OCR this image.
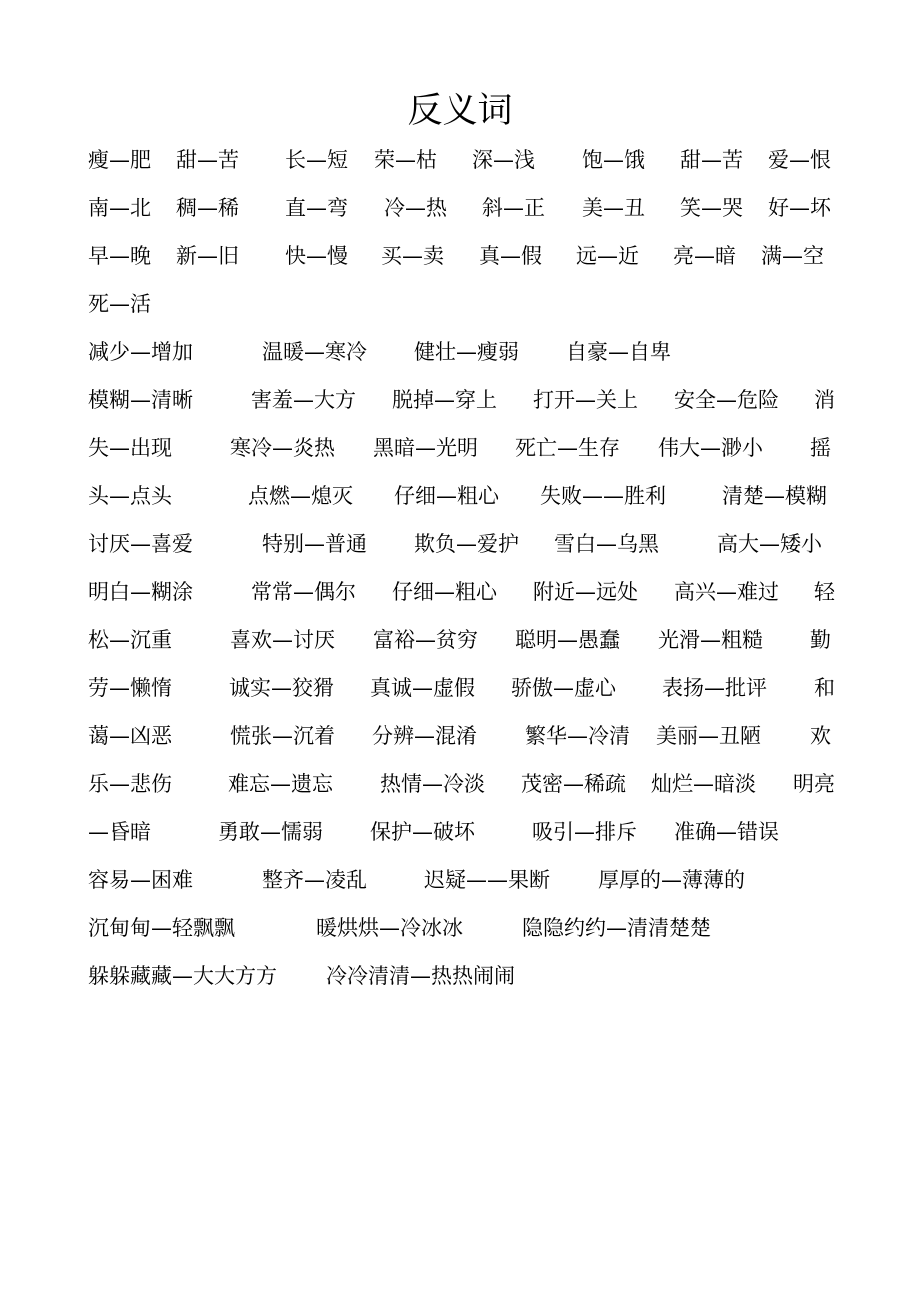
反义词
瘦—肥 甜—苦 长—短 荣—枯 深—浅 饱—饿 甜—苦 爱—恨
南—北 稠—稀 直—弯 冷—热 斜—正 美—丑 笑—哭 好—坏
早—晚 新—旧 快—慢 买—卖 真—假 远—近 亮—暗 满—空
死—活
减少—增加	温暖—寒冷 健壮—瘦弱 自豪—自卑
模糊—清晰	害羞—大方 脱掉—穿上 打开—关上 安全—危险 消
失—出现	寒冷—炎热 黑暗—光明 死亡—生存 伟大—渺小 摇
头—点头	点燃—熄灭 仔细—粗心 失败——胜利	清楚—模糊
讨厌—喜爱	特别—普通 欺负—爱护 雪白—乌黑	高大—矮小
明白—糊涂	常常—偶尔 仔细—粗心 附近—远处 高兴—难过 轻
松—沉重	喜欢—讨厌 富裕—贫穷 聪明—愚蠢 光滑—粗糙 勤
劳—懒惰	诚实—狡猾 真诚—虚假 骄傲—虚心 表扬—批评 和
蔼—凶恶	慌张—沉着 分辨—混淆 繁华—冷清 美丽—丑陋 欢
乐—悲伤	难忘—遗忘 热情—冷淡 茂密—稀疏 灿烂—暗淡 明亮
—昏暗	勇敢—懦弱 保护—破坏	吸引—排斥 准确—错误
容易—困难	整齐—凌乱	迟疑——果断 厚厚的—薄薄的
沉甸甸—轻飘飘	暖烘烘—冷冰冰	隐隐约约—清清楚楚
躲躲藏藏—大大方方 冷冷清清—热热闹闹
